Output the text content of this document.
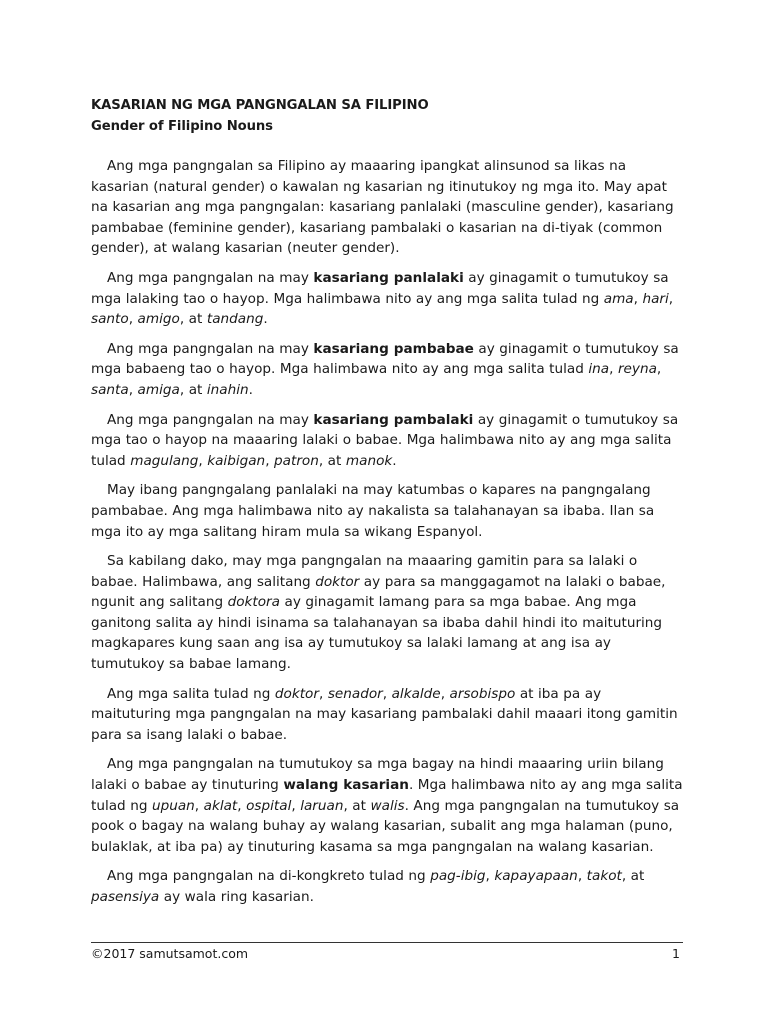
KASARIAN NG MGA PANGNGALAN SA FILIPINO
Gender of Filipino Nouns

Ang mga pangngalan sa Filipino ay maaaring ipangkat alinsunod sa likas na kasarian (natural gender) o kawalan ng kasarian ng itinutukoy ng mga ito. May apat na kasarian ang mga pangngalan: kasariang panlalaki (masculine gender), kasariang pambabae (feminine gender), kasariang pambalaki o kasarian na di-tiyak (common gender), at walang kasarian (neuter gender).

Ang mga pangngalan na may kasariang panlalaki ay ginagamit o tumutukoy sa mga lalaking tao o hayop. Mga halimbawa nito ay ang mga salita tulad ng ama, hari, santo, amigo, at tandang.

Ang mga pangngalan na may kasariang pambabae ay ginagamit o tumutukoy sa mga babaeng tao o hayop. Mga halimbawa nito ay ang mga salita tulad ina, reyna, santa, amiga, at inahin.

Ang mga pangngalan na may kasariang pambalaki ay ginagamit o tumutukoy sa mga tao o hayop na maaaring lalaki o babae. Mga halimbawa nito ay ang mga salita tulad magulang, kaibigan, patron, at manok.

May ibang pangngalang panlalaki na may katumbas o kapares na pangngalang pambabae. Ang mga halimbawa nito ay nakalista sa talahanayan sa ibaba. Ilan sa mga ito ay mga salitang hiram mula sa wikang Espanyol.

Sa kabilang dako, may mga pangngalan na maaaring gamitin para sa lalaki o babae. Halimbawa, ang salitang doktor ay para sa manggagamot na lalaki o babae, ngunit ang salitang doktora ay ginagamit lamang para sa mga babae. Ang mga ganitong salita ay hindi isinama sa talahanayan sa ibaba dahil hindi ito maituturing magkapares kung saan ang isa ay tumutukoy sa lalaki lamang at ang isa ay tumutukoy sa babae lamang.

Ang mga salita tulad ng doktor, senador, alkalde, arsobispo at iba pa ay maituturing mga pangngalan na may kasariang pambalaki dahil maaari itong gamitin para sa isang lalaki o babae.

Ang mga pangngalan na tumutukoy sa mga bagay na hindi maaaring uriin bilang lalaki o babae ay tinuturing walang kasarian. Mga halimbawa nito ay ang mga salita tulad ng upuan, aklat, ospital, laruan, at walis. Ang mga pangngalan na tumutukoy sa pook o bagay na walang buhay ay walang kasarian, subalit ang mga halaman (puno, bulaklak, at iba pa) ay tinuturing kasama sa mga pangngalan na walang kasarian.

Ang mga pangngalan na di-kongkreto tulad ng pag-ibig, kapayapaan, takot, at pasensiya ay wala ring kasarian.

©2017 samutsamot.com	1
